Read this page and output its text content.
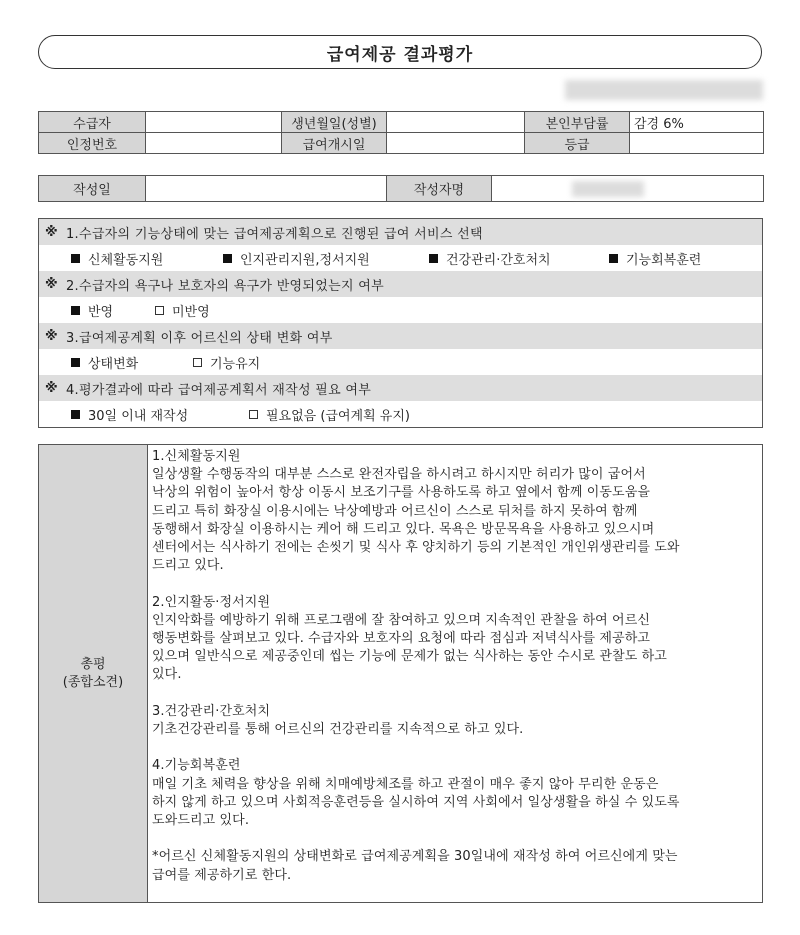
급여제공 결과평가
수급자		생년월일(성별)		본인부담률	감경 6%
인정번호		급여개시일		등급	
작성일		작성자명	
※ 1.수급자의 기능상태에 맞는 급여제공계획으로 진행된 급여 서비스 선택
신체활동지원	인지관리지원,정서지원	건강관리·간호처치	기능회복훈련
※ 2.수급자의 욕구나 보호자의 욕구가 반영되었는지 여부
반영	미반영
※ 3.급여제공계획 이후 어르신의 상태 변화 여부
상태변화	기능유지
※ 4.평가결과에 따라 급여제공계획서 재작성 필요 여부
30일 이내 재작성	필요없음 (급여계획 유지)
총평
(종합소견)
1.신체활동지원
일상생활 수행동작의 대부분 스스로 완전자립을 하시려고 하시지만 허리가 많이 굽어서
낙상의 위험이 높아서 항상 이동시 보조기구를 사용하도록 하고 옆에서 함께 이동도움을
드리고 특히 화장실 이용시에는 낙상예방과 어르신이 스스로 뒤처를 하지 못하여 함께
동행해서 화장실 이용하시는 케어 해 드리고 있다. 목욕은 방문목욕을 사용하고 있으시며
센터에서는 식사하기 전에는 손씻기 및 식사 후 양치하기 등의 기본적인 개인위생관리를 도와
드리고 있다.
2.인지활동·정서지원
인지악화를 예방하기 위해 프로그램에 잘 참여하고 있으며 지속적인 관찰을 하여 어르신
행동변화를 살펴보고 있다. 수급자와 보호자의 요청에 따라 점심과 저녁식사를 제공하고
있으며 일반식으로 제공중인데 씹는 기능에 문제가 없는 식사하는 동안 수시로 관찰도 하고
있다.
3.건강관리·간호처치
기초건강관리를 통해 어르신의 건강관리를 지속적으로 하고 있다.
4.기능회복훈련
매일 기초 체력을 향상을 위해 치매예방체조를 하고 관절이 매우 좋지 않아 무리한 운동은
하지 않게 하고 있으며 사회적응훈련등을 실시하여 지역 사회에서 일상생활을 하실 수 있도록
도와드리고 있다.
*어르신 신체활동지원의 상태변화로 급여제공계획을 30일내에 재작성 하여 어르신에게 맞는
급여를 제공하기로 한다.
